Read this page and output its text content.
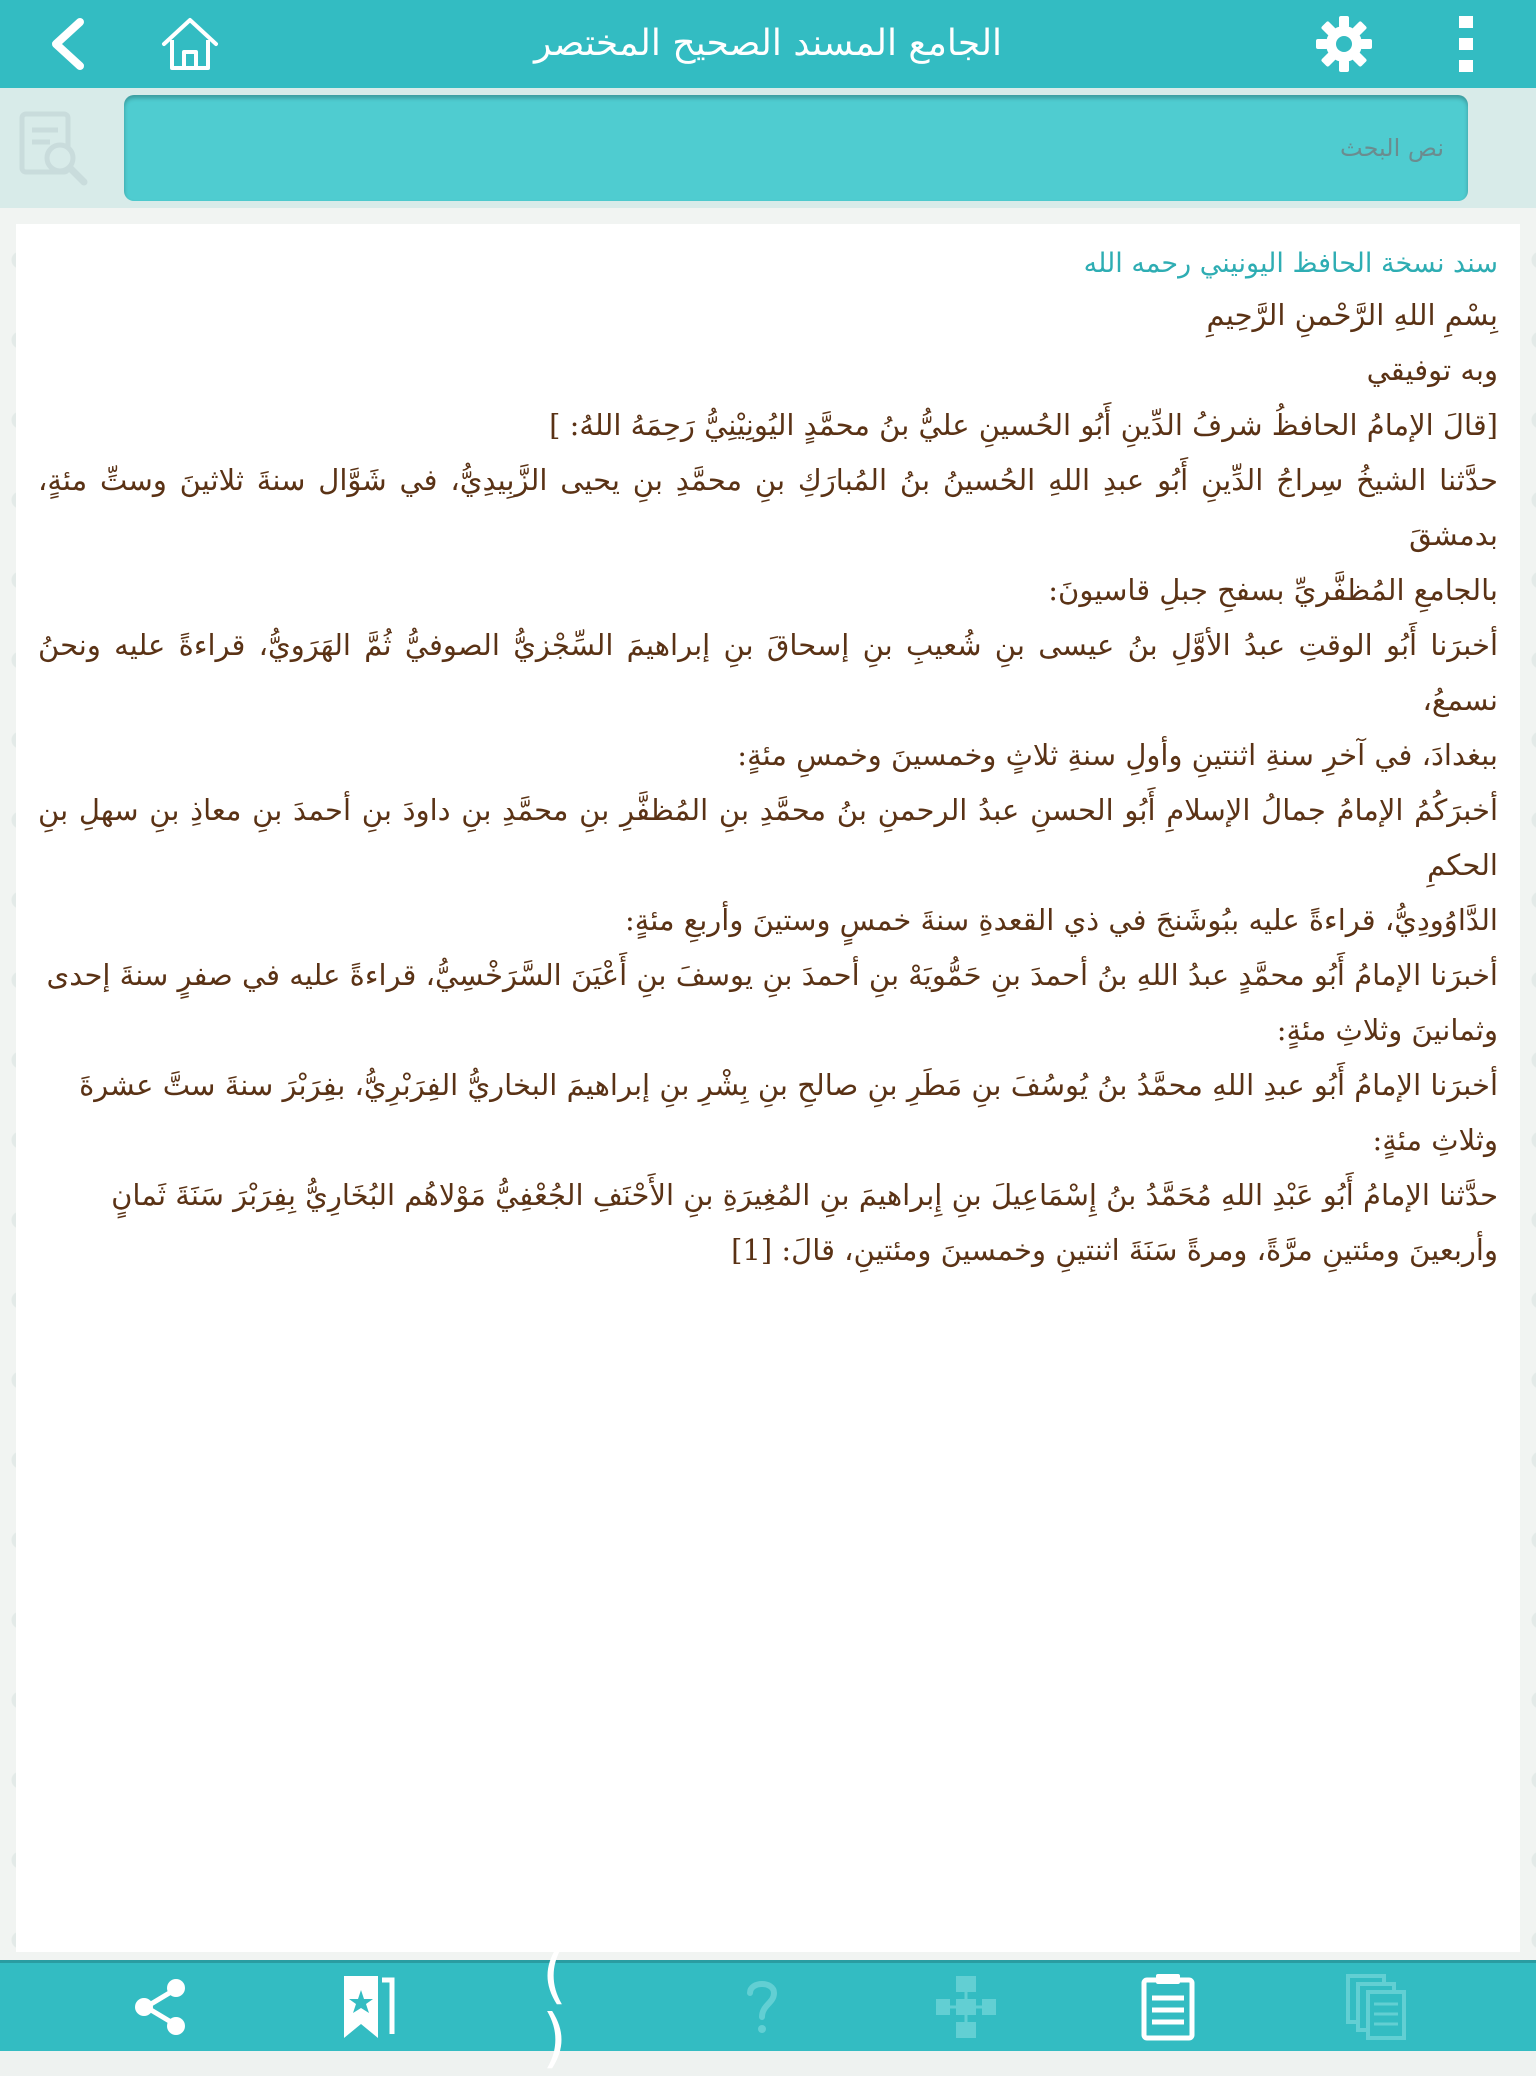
الجامع المسند الصحيح المختصر
نص البحث

سند نسخة الحافظ اليونيني رحمه الله

بِسْمِ اللهِ الرَّحْمنِ الرَّحِيمِ

وبه توفيقي

[قالَ الإمامُ الحافظُ شرفُ الدِّينِ أَبُو الحُسينِ عليُّ بنُ محمَّدٍ اليُونِيْنِيُّ رَحِمَهُ اللهُ: ]

حدَّثنا الشيخُ سِراجُ الدِّينِ أَبُو عبدِ اللهِ الحُسينُ بنُ المُبارَكِ بنِ محمَّدِ بنِ يحيى الزَّبِيدِيُّ، في شَوَّال سنةَ ثلاثينَ وستِّ مئةٍ، بدمشقَ

بالجامعِ المُظفَّريِّ بسفحِ جبلِ قاسيونَ:

أخبرَنا أَبُو الوقتِ عبدُ الأوَّلِ بنُ عيسى بنِ شُعيبِ بنِ إسحاقَ بنِ إبراهيمَ السِّجْزيُّ الصوفيُّ ثُمَّ الهَرَويُّ، قراءةً عليه ونحنُ نسمعُ،

ببغدادَ، في آخرِ سنةِ اثنتينِ وأولِ سنةِ ثلاثٍ وخمسينَ وخمسِ مئةٍ:

أخبرَكُمُ الإمامُ جمالُ الإسلامِ أَبُو الحسنِ عبدُ الرحمنِ بنُ محمَّدِ بنِ المُظفَّرِ بنِ محمَّدِ بنِ داودَ بنِ أحمدَ بنِ معاذِ بنِ سهلِ بنِ الحكمِ

الدَّاوُودِيُّ، قراءةً عليه ببُوشَنجَ في ذي القعدةِ سنةَ خمسٍ وستينَ وأربعِ مئةٍ:

أخبرَنا الإمامُ أَبُو محمَّدٍ عبدُ اللهِ بنُ أحمدَ بنِ حَمُّويَهْ بنِ أحمدَ بنِ يوسفَ بنِ أَعْيَنَ السَّرَخْسِيُّ، قراءةً عليه في صفرٍ سنةَ إحدى

وثمانينَ وثلاثِ مئةٍ:

أخبرَنا الإمامُ أَبُو عبدِ اللهِ محمَّدُ بنُ يُوسُفَ بنِ مَطَرِ بنِ صالحِ بنِ بِشْرِ بنِ إبراهيمَ البخاريُّ الفِرَبْرِيُّ، بفِرَبْرَ سنةَ ستَّ عشرةَ

وثلاثِ مئةٍ:

حدَّثنا الإمامُ أَبُو عَبْدِ اللهِ مُحَمَّدُ بنُ إِسْمَاعِيلَ بنِ إِبراهيمَ بنِ المُغِيرَةِ بنِ الأَحْنَفِ الجُعْفِيُّ مَوْلاهُم البُخَارِيُّ بِفِرَبْرَ سَنَةَ ثَمانٍ

وأربعينَ ومئتينِ مرَّةً، ومرةً سَنَةَ اثنتينِ وخمسينَ ومئتينِ، قالَ: [1]

( )
